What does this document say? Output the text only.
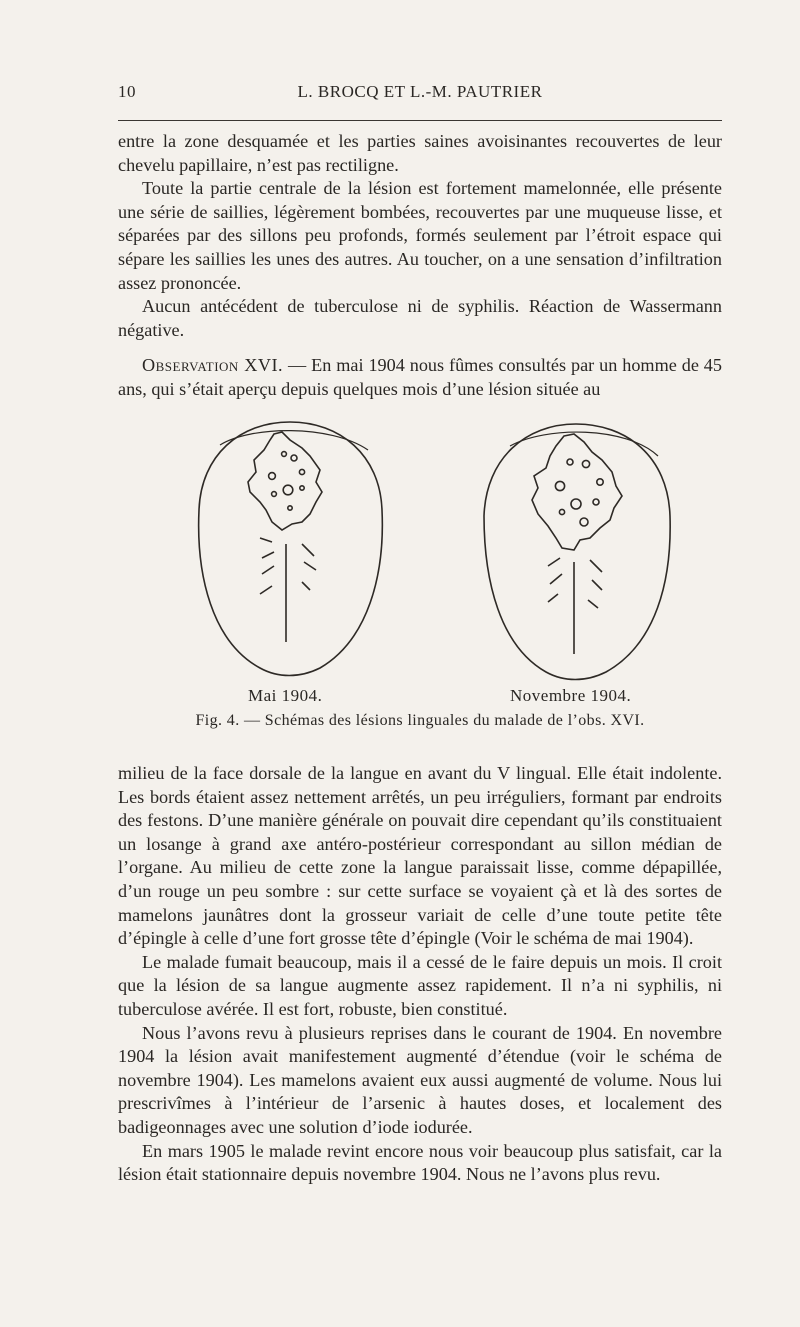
10	L. BROCQ ET L.-M. PAUTRIER

entre la zone desquamée et les parties saines avoisinantes recouvertes de leur chevelu papillaire, n’est pas rectiligne.

Toute la partie centrale de la lésion est fortement mamelonnée, elle présente une série de saillies, légèrement bombées, recouvertes par une muqueuse lisse, et séparées par des sillons peu profonds, formés seulement par l’étroit espace qui sépare les saillies les unes des autres. Au toucher, on a une sensation d’infiltration assez prononcée.

Aucun antécédent de tuberculose ni de syphilis. Réaction de Wassermann négative.

Observation XVI. — En mai 1904 nous fûmes consultés par un homme de 45 ans, qui s’était aperçu depuis quelques mois d’une lésion située au

Mai 1904.	Novembre 1904.
Fig. 4. — Schémas des lésions linguales du malade de l’obs. XVI.

milieu de la face dorsale de la langue en avant du V lingual. Elle était indolente. Les bords étaient assez nettement arrêtés, un peu irréguliers, formant par endroits des festons. D’une manière générale on pouvait dire cependant qu’ils constituaient un losange à grand axe antéro-postérieur correspondant au sillon médian de l’organe. Au milieu de cette zone la langue paraissait lisse, comme dépapillée, d’un rouge un peu sombre : sur cette surface se voyaient çà et là des sortes de mamelons jaunâtres dont la grosseur variait de celle d’une toute petite tête d’épingle à celle d’une fort grosse tête d’épingle (Voir le schéma de mai 1904).

Le malade fumait beaucoup, mais il a cessé de le faire depuis un mois. Il croit que la lésion de sa langue augmente assez rapidement. Il n’a ni syphilis, ni tuberculose avérée. Il est fort, robuste, bien constitué.

Nous l’avons revu à plusieurs reprises dans le courant de 1904. En novembre 1904 la lésion avait manifestement augmenté d’étendue (voir le schéma de novembre 1904). Les mamelons avaient eux aussi augmenté de volume. Nous lui prescrivîmes à l’intérieur de l’arsenic à hautes doses, et localement des badigeonnages avec une solution d’iode iodurée.

En mars 1905 le malade revint encore nous voir beaucoup plus satisfait, car la lésion était stationnaire depuis novembre 1904. Nous ne l’avons plus revu.
